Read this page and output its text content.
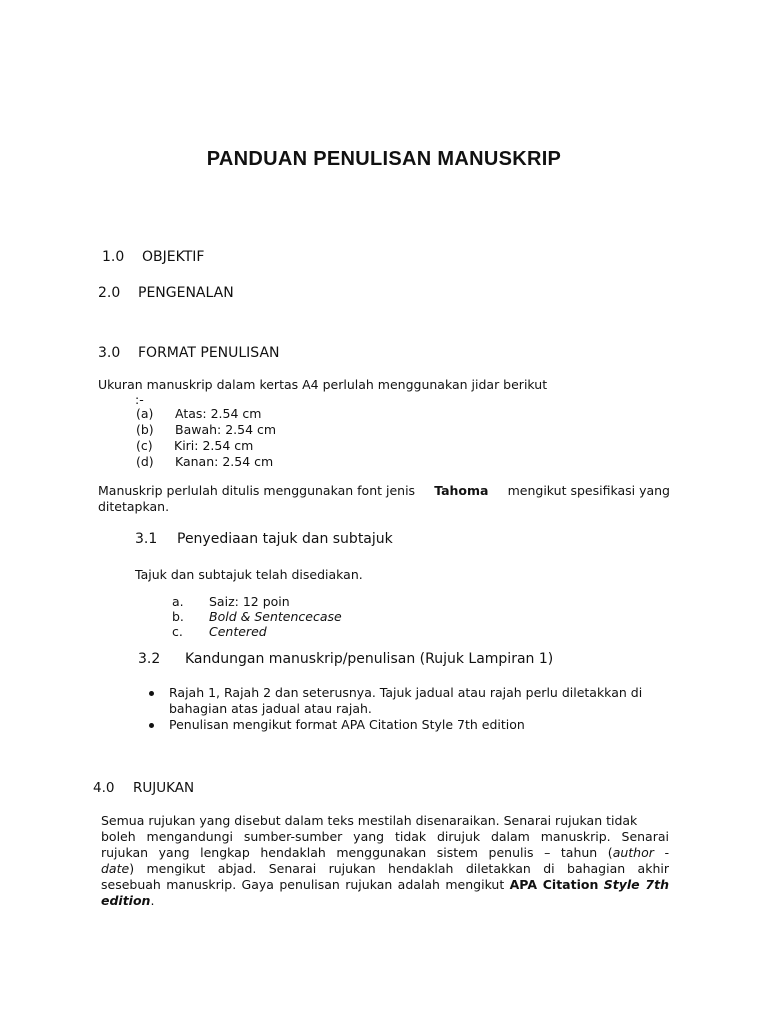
PANDUAN PENULISAN MANUSKRIP
1.0 OBJEKTIF
2.0 PENGENALAN
3.0 FORMAT PENULISAN
Ukuran manuskrip dalam kertas A4 perlulah menggunakan jidar berikut
:-
(a) Atas: 2.54 cm
(b) Bawah: 2.54 cm
(c) Kiri: 2.54 cm
(d) Kanan: 2.54 cm
Manuskrip perlulah ditulis menggunakan font jenis Tahoma mengikut spesifikasi yang
ditetapkan.
3.1 Penyediaan tajuk dan subtajuk
Tajuk dan subtajuk telah disediakan.
a. Saiz: 12 poin
b. Bold & Sentencecase
c. Centered
3.2 Kandungan manuskrip/penulisan (Rujuk Lampiran 1)
Rajah 1, Rajah 2 dan seterusnya. Tajuk jadual atau rajah perlu diletakkan di
bahagian atas jadual atau rajah.
Penulisan mengikut format APA Citation Style 7th edition
4.0 RUJUKAN
Semua rujukan yang disebut dalam teks mestilah disenaraikan. Senarai rujukan tidak
boleh mengandungi sumber-sumber yang tidak dirujuk dalam manuskrip. Senarai
rujukan yang lengkap hendaklah menggunakan sistem penulis – tahun (author -
date) mengikut abjad. Senarai rujukan hendaklah diletakkan di bahagian akhir
sesebuah manuskrip. Gaya penulisan rujukan adalah mengikut APA Citation Style 7th
edition.
